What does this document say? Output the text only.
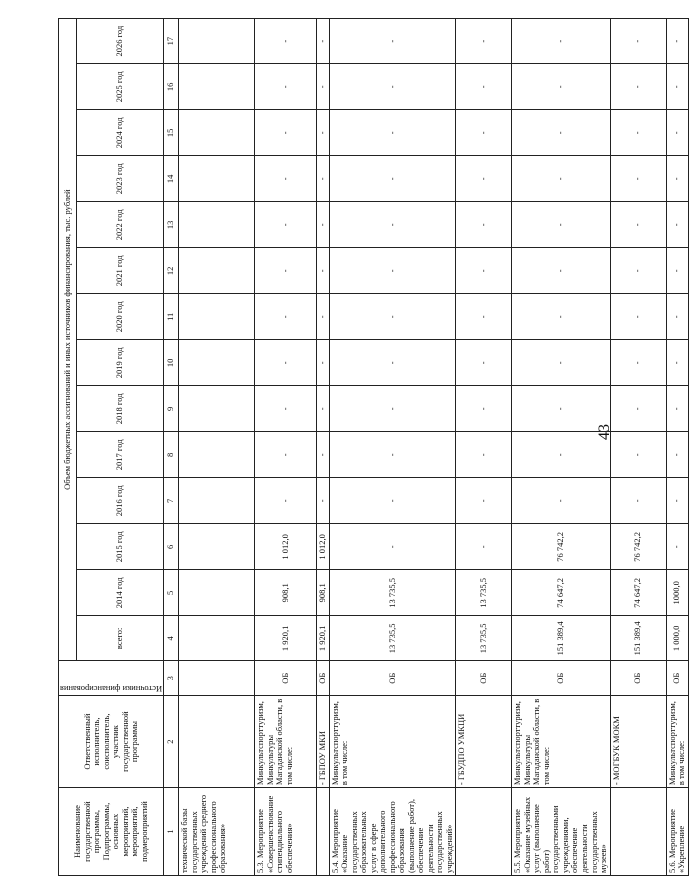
43
Наименование государственной программы, Подпрограммы, основных мероприятий, мероприятий, подмероприятий	Ответственный исполнитель, соисполнитель, участник государственной программы	Источники финансирования	Объем бюджетных ассигнований и иных источников финансирования, тыс. рублей													
			всего:	2014 год	2015 год	2016 год	2017 год	2018 год	2019 год	2020 год	2021 год	2022 год	2023 год	2024 год	2025 год	2026 год
1	2	3	4	5	6	7	8	9	10	11	12	13	14	15	16	17
технической базы государственных учреждений среднего профессионального образования»																
5.3. Мероприятие «Совершенствование стипендиального обеспечения»	Минкультспорттуризм, Минкультуры Магаданской области, в том числе:	ОБ	1 920,1	908,1	1 012,0	-	-	-	-	-	-	-	-	-	-	-
	- ГБПОУ МКИ	ОБ	1 920,1	908,1	1 012,0	-	-	-	-	-	-	-	-	-	-	-
5.4. Мероприятие «Оказание государственных образовательных услуг в сфере дополнительного профессионального образования (выполнение работ), обеспечение деятельности государственных учреждений»	Минкультспорттуризм, в том числе:	ОБ	13 735,5	13 735,5	-	-	-	-	-	-	-	-	-	-	-	-
	- ГБУДПО УМКЦИ	ОБ	13 735,5	13 735,5	-	-	-	-	-	-	-	-	-	-	-	-
5.5. Мероприятие «Оказание музейных услуг (выполнение работ) государственными учреждениями, обеспечение деятельности государственных музеев»	Минкультспорттуризм, Минкультуры Магаданской области, в том числе:	ОБ	151 389,4	74 647,2	76 742,2	-	-	-	-	-	-	-	-	-	-	-
	- МОГБУК МОКМ	ОБ	151 389,4	74 647,2	76 742,2	-	-	-	-	-	-	-	-	-	-	-
5.6. Мероприятие «Укрепление	Минкультспорттуризм, в том числе:	ОБ	1 000,0	1000,0	-	-	-	-	-	-	-	-	-	-	-	-
